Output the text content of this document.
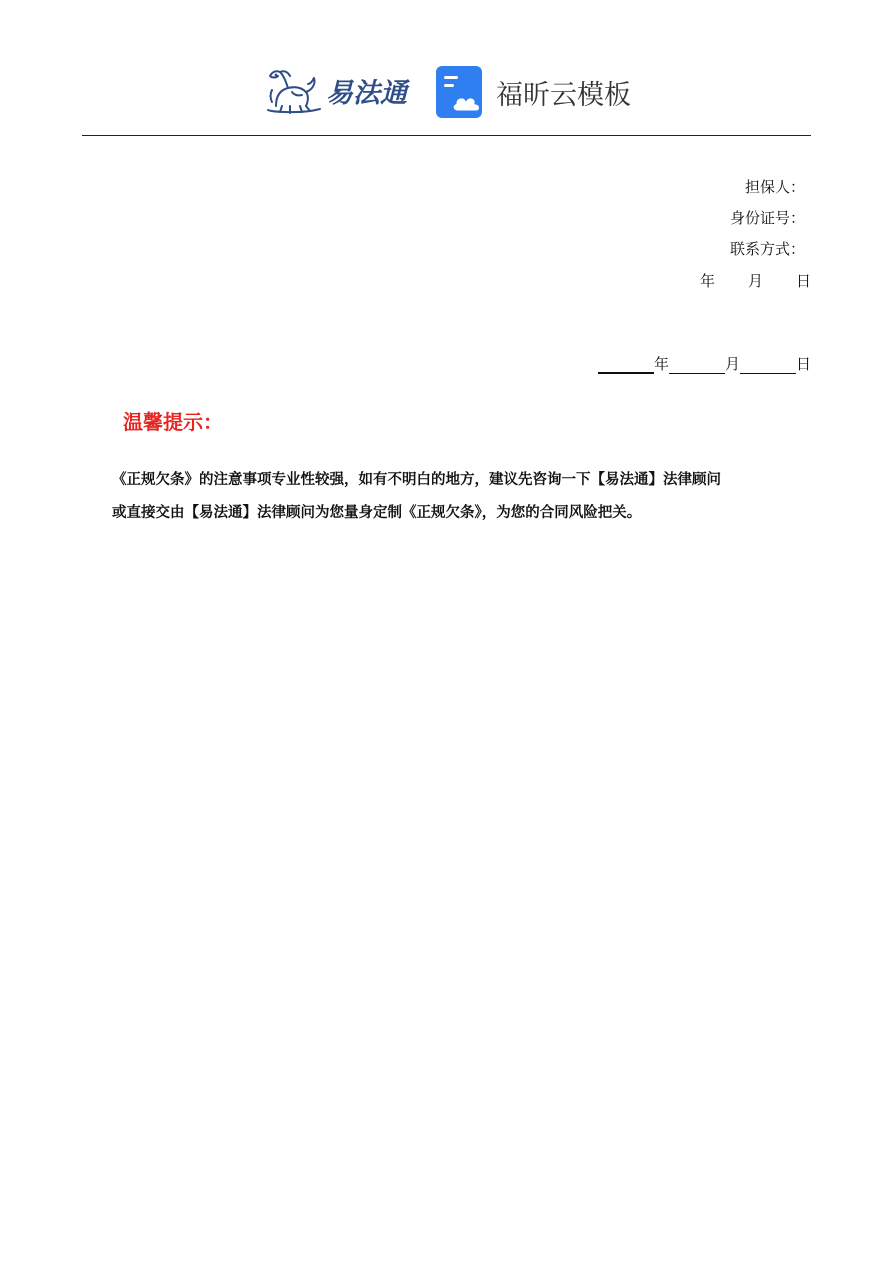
易法通	福昕云模板
担保人：
身份证号：
联系方式：
年 月 日
年	月	日
温馨提示：
《正规欠条》的注意事项专业性较强，如有不明白的地方，建议先咨询一下【易法通】法律顾问
或直接交由【易法通】法律顾问为您量身定制《正规欠条》，为您的合同风险把关。
